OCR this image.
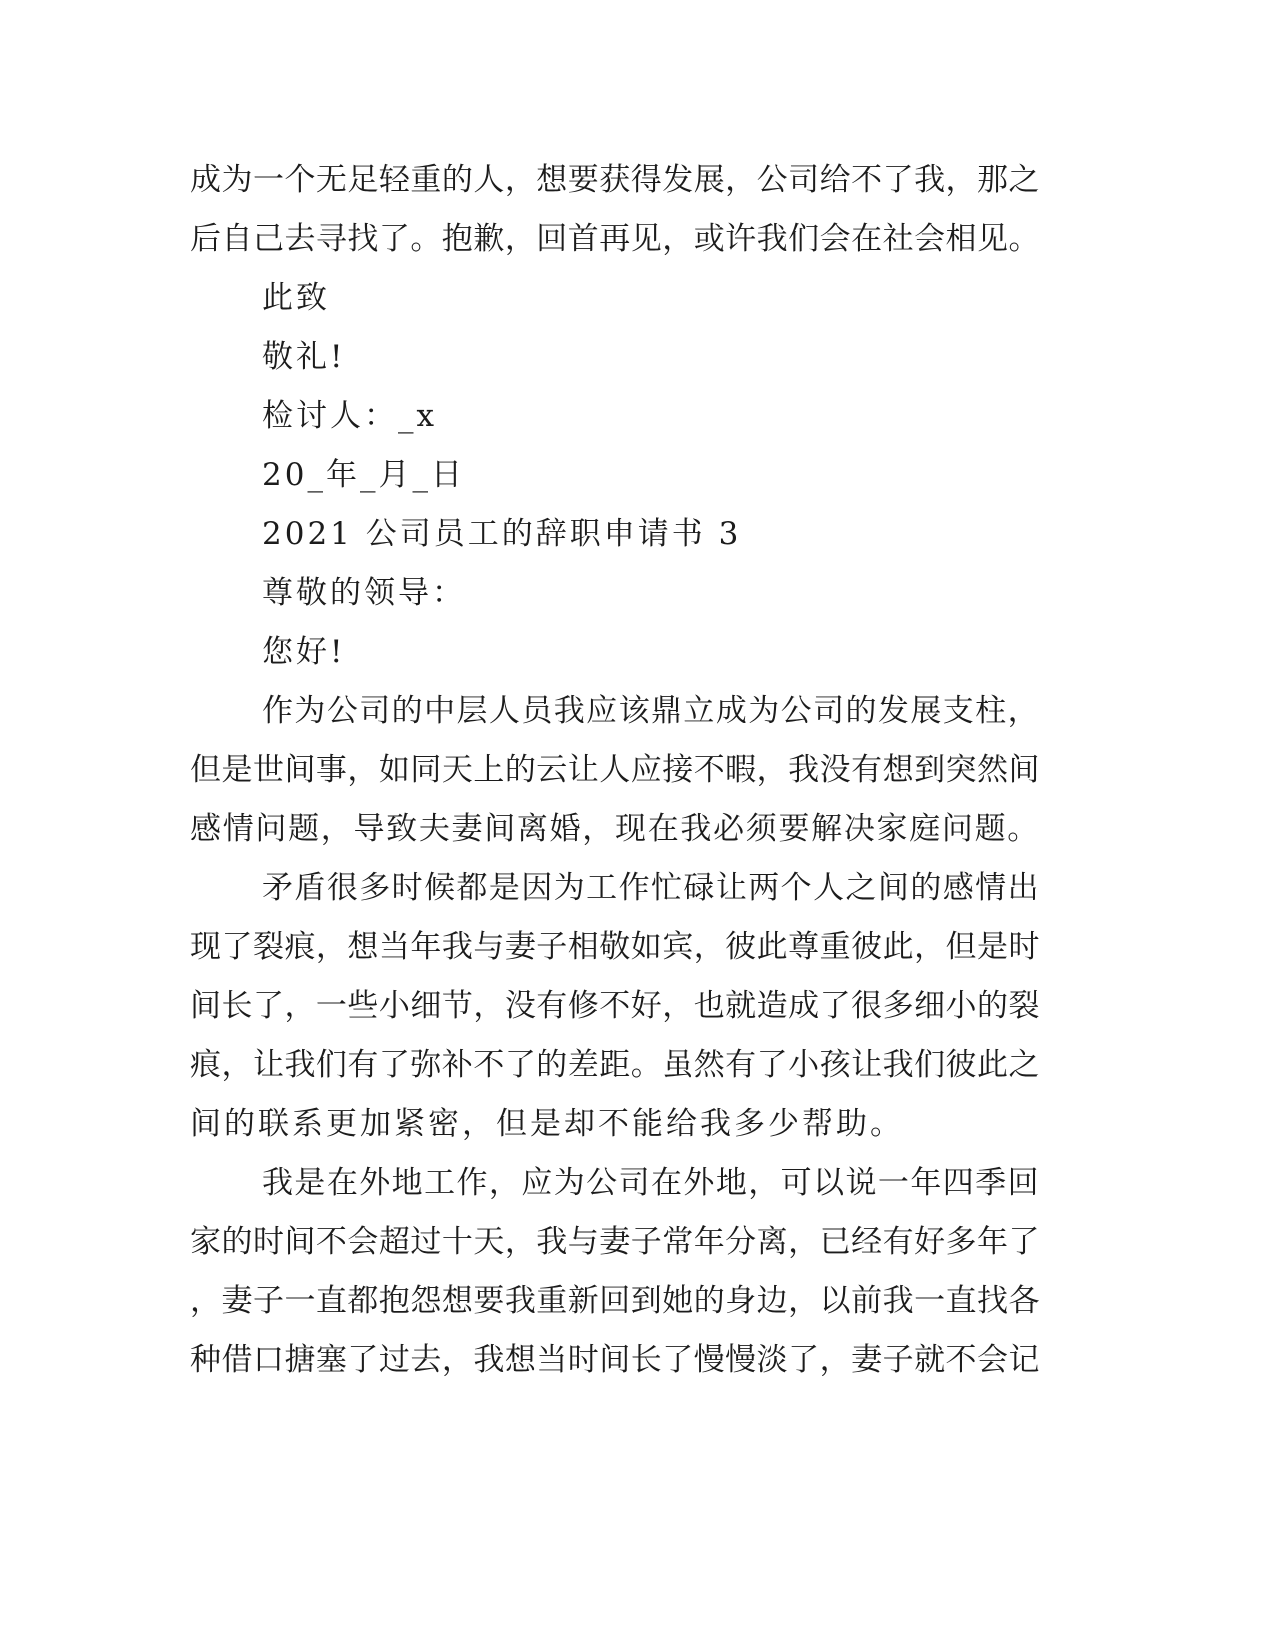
成为一个无足轻重的人，想要获得发展，公司给不了我，那之
后自己去寻找了。抱歉，回首再见，或许我们会在社会相见。
此致
敬礼!
检讨人：_x
20_年_月_日
2021 公司员工的辞职申请书 3
尊敬的领导：
您好!
作为公司的中层人员我应该鼎立成为公司的发展支柱，
但是世间事，如同天上的云让人应接不暇，我没有想到突然间
感情问题，导致夫妻间离婚，现在我必须要解决家庭问题。
矛盾很多时候都是因为工作忙碌让两个人之间的感情出
现了裂痕，想当年我与妻子相敬如宾，彼此尊重彼此，但是时
间长了，一些小细节，没有修不好，也就造成了很多细小的裂
痕，让我们有了弥补不了的差距。虽然有了小孩让我们彼此之
间的联系更加紧密，但是却不能给我多少帮助。
我是在外地工作，应为公司在外地，可以说一年四季回
家的时间不会超过十天，我与妻子常年分离，已经有好多年了
，妻子一直都抱怨想要我重新回到她的身边，以前我一直找各
种借口搪塞了过去，我想当时间长了慢慢淡了，妻子就不会记
